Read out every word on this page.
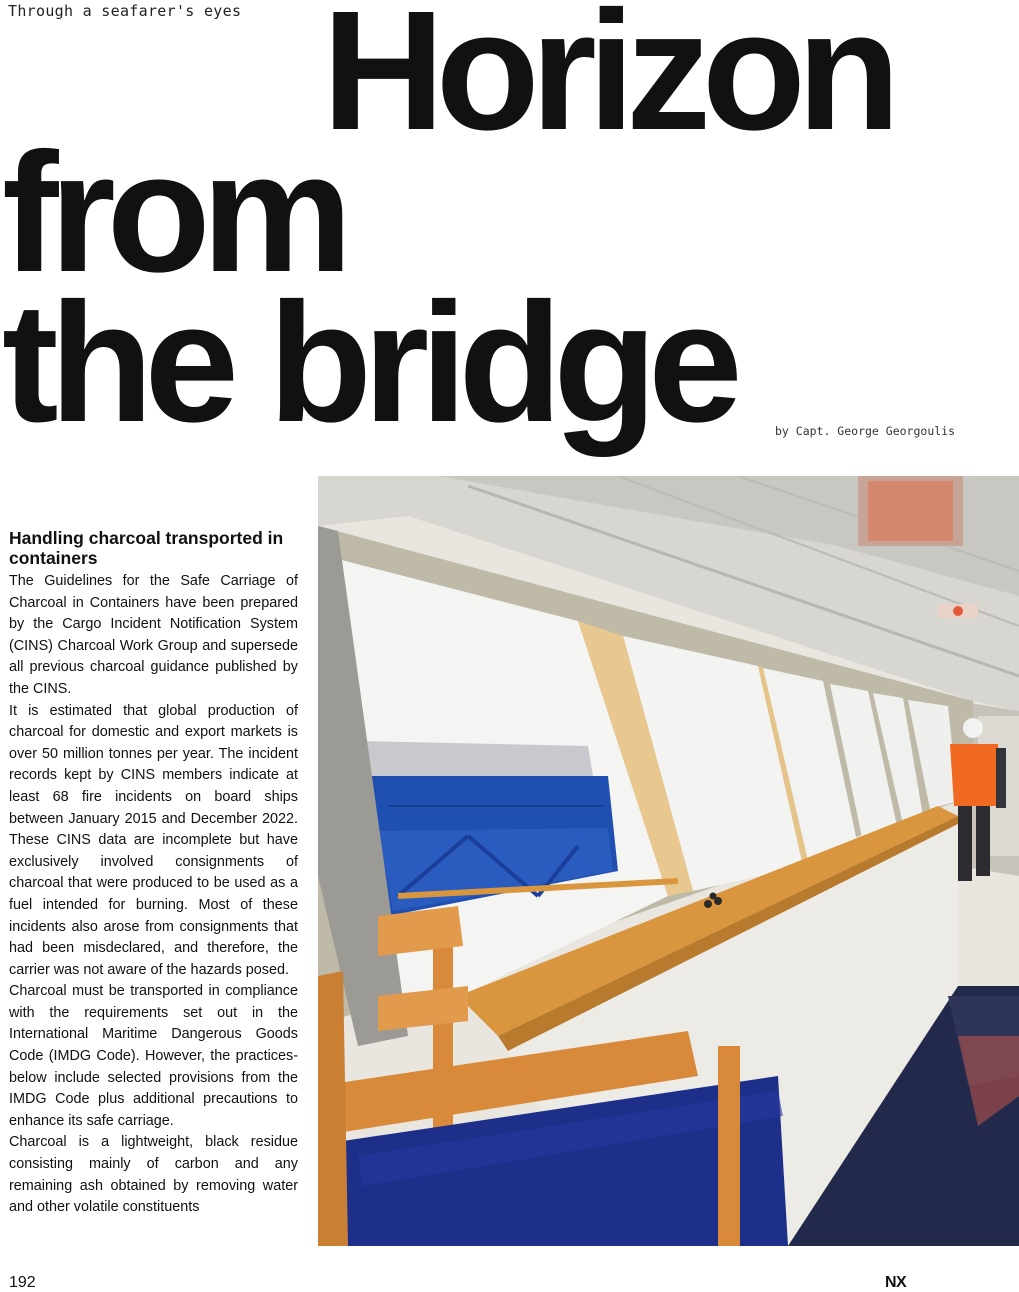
Through a seafarer's eyes Horizon
from
the bridge	by Capt. George Georgoulis
Handling charcoal transported in containers

The Guidelines for the Safe Carriage of Charcoal in Containers have been prepared by the Cargo Incident Notification System (CINS) Charcoal Work Group and supersede all previous charcoal guidance published by the CINS.

It is estimated that global production of charcoal for domestic and export markets is over 50 million tonnes per year. The incident records kept by CINS members indicate at least 68 fire incidents on board ships between January 2015 and December 2022. These CINS data are incomplete but have exclusively involved consignments of charcoal that were produced to be used as a fuel intended for burning. Most of these incidents also arose from consignments that had been misdeclared, and therefore, the carrier was not aware of the hazards posed.

Charcoal must be transported in compliance with the requirements set out in the International Maritime Dangerous Goods Code (IMDG Code). However, the practices-below include selected provisions from the IMDG Code plus additional precautions to enhance its safe carriage.

Charcoal is a lightweight, black residue consisting mainly of carbon and any remaining ash obtained by removing water and other volatile constituents

192	NX
